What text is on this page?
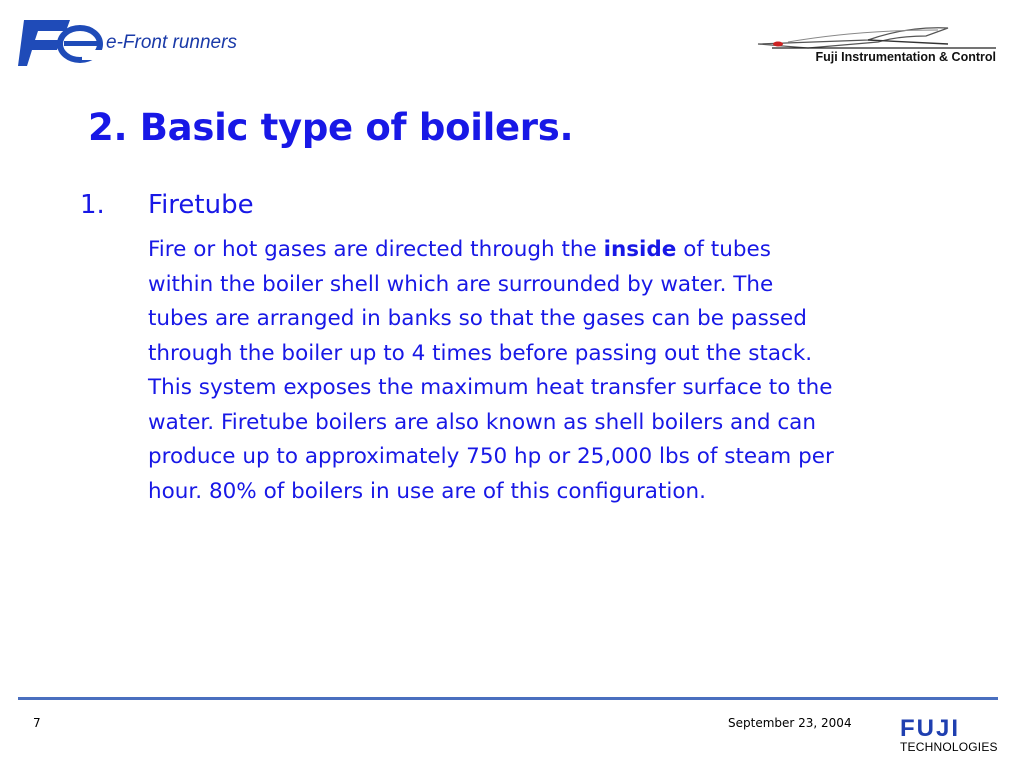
e-Front runners
Fuji Instrumentation & Control
2. Basic type of boilers.
1. Firetube
Fire or hot gases are directed through the inside of tubes
within the boiler shell which are surrounded by water. The
tubes are arranged in banks so that the gases can be passed
through the boiler up to 4 times before passing out the stack.
This system exposes the maximum heat transfer surface to the
water. Firetube boilers are also known as shell boilers and can
produce up to approximately 750 hp or 25,000 lbs of steam per
hour. 80% of boilers in use are of this configuration.
7	September 23, 2004 FUJI
TECHNOLOGIES
